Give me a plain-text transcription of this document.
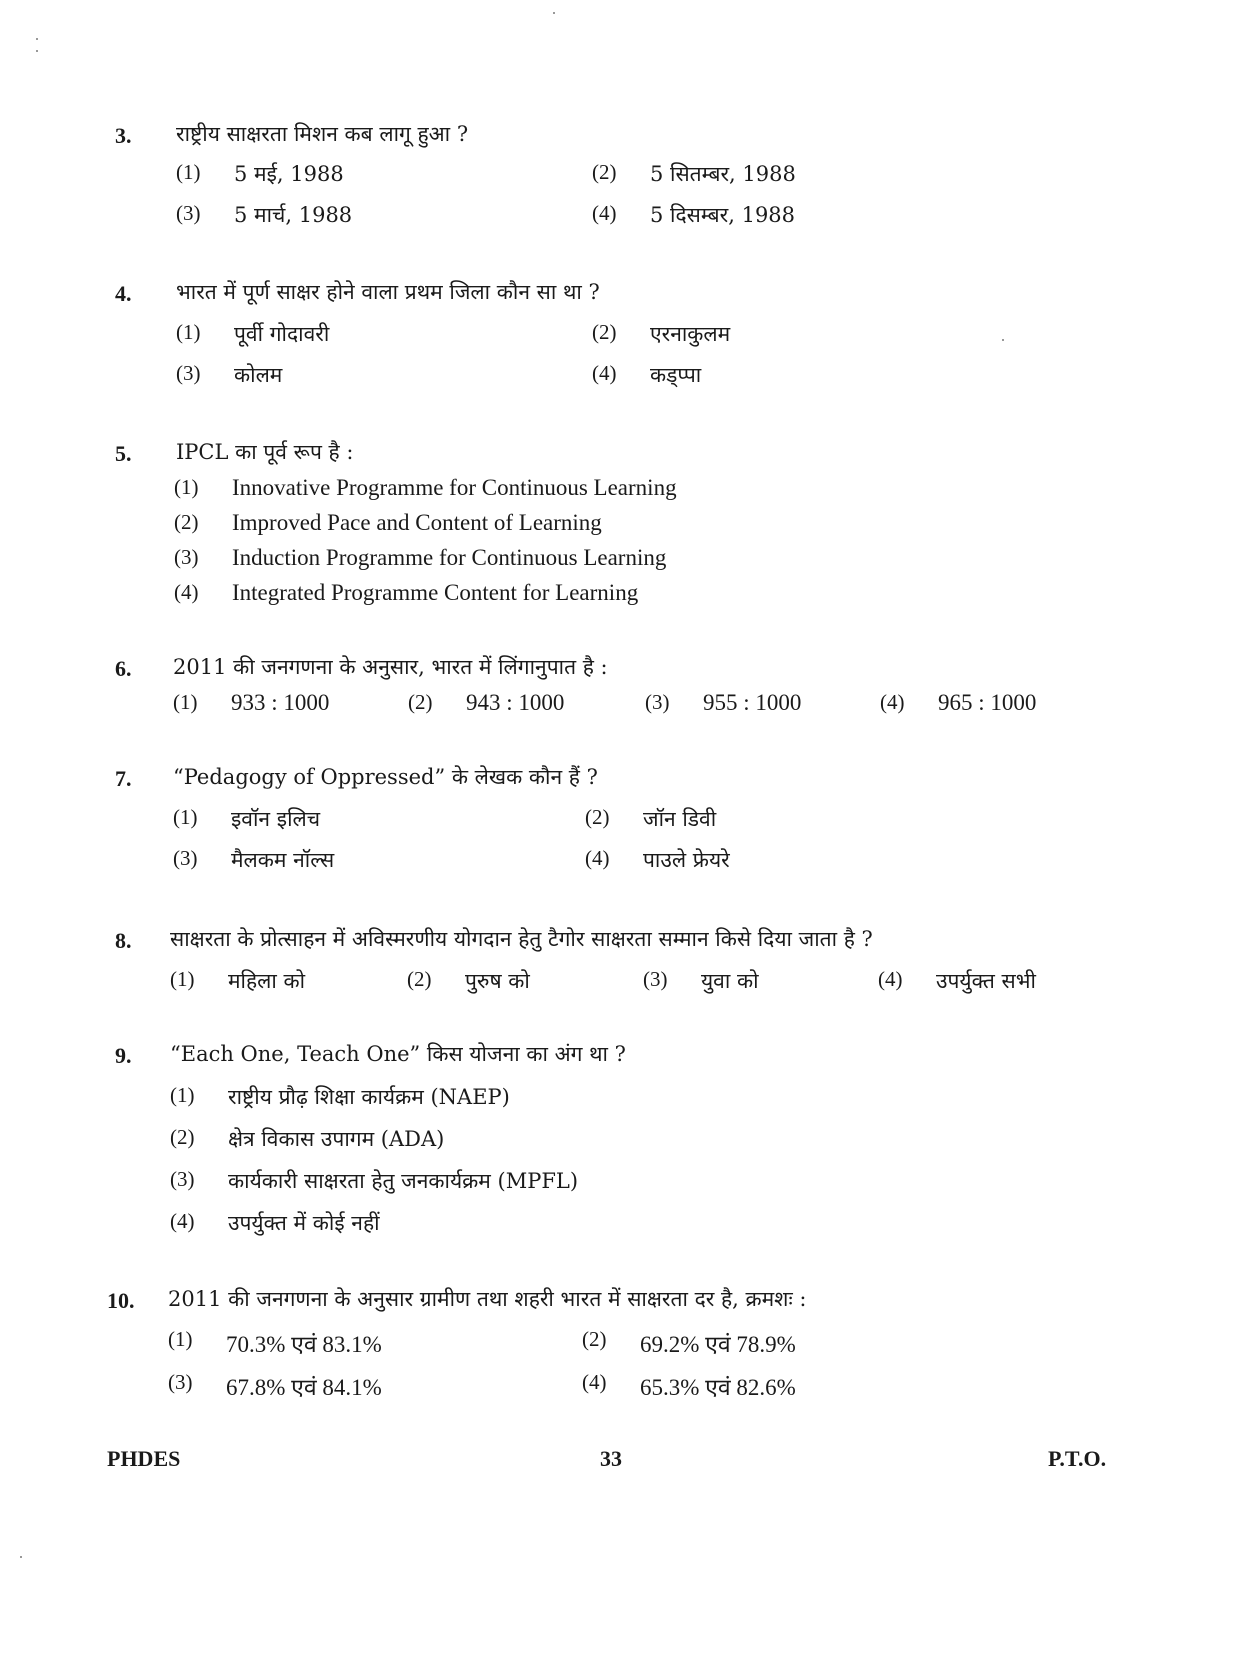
3. राष्ट्रीय साक्षरता मिशन कब लागू हुआ ?
(1) 5 मई, 1988	(2) 5 सितम्बर, 1988
(3) 5 मार्च, 1988	(4) 5 दिसम्बर, 1988
4. भारत में पूर्ण साक्षर होने वाला प्रथम जिला कौन सा था ?
(1) पूर्वी गोदावरी	(2) एरनाकुलम
(3) कोलम	(4) कड्प्पा
5. IPCL का पूर्व रूप है :
(1) Innovative Programme for Continuous Learning
(2) Improved Pace and Content of Learning
(3) Induction Programme for Continuous Learning
(4) Integrated Programme Content for Learning
6. 2011 की जनगणना के अनुसार, भारत में लिंगानुपात है :
(1) 933 : 1000	(2) 943 : 1000	(3) 955 : 1000	(4) 965 : 1000
7. “Pedagogy of Oppressed” के लेखक कौन हैं ?
(1) इवॉन इलिच	(2) जॉन डिवी
(3) मैलकम नॉल्स	(4) पाउले फ्रेयरे
8. साक्षरता के प्रोत्साहन में अविस्मरणीय योगदान हेतु टैगोर साक्षरता सम्मान किसे दिया जाता है ?
(1) महिला को	(2) पुरुष को	(3) युवा को	(4) उपर्युक्त सभी
9. “Each One, Teach One” किस योजना का अंग था ?
(1) राष्ट्रीय प्रौढ़ शिक्षा कार्यक्रम (NAEP)
(2) क्षेत्र विकास उपागम (ADA)
(3) कार्यकारी साक्षरता हेतु जनकार्यक्रम (MPFL)
(4) उपर्युक्त में कोई नहीं
10. 2011 की जनगणना के अनुसार ग्रामीण तथा शहरी भारत में साक्षरता दर है, क्रमशः :
(1) 70.3% एवं 83.1%	(2) 69.2% एवं 78.9%
(3) 67.8% एवं 84.1%	(4) 65.3% एवं 82.6%
PHDES	33	P.T.O.
